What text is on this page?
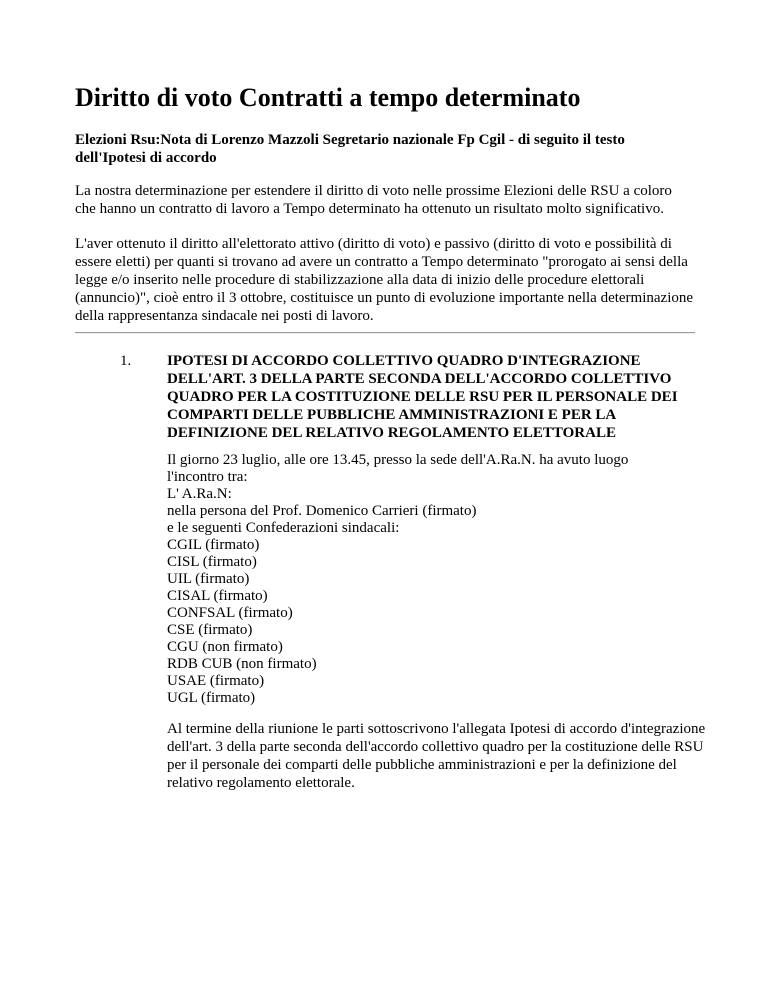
Diritto di voto Contratti a tempo determinato

Elezioni Rsu:Nota di Lorenzo Mazzoli Segretario nazionale Fp Cgil - di seguito il testo dell'Ipotesi di accordo

La nostra determinazione per estendere il diritto di voto nelle prossime Elezioni delle RSU a coloro che hanno un contratto di lavoro a Tempo determinato ha ottenuto un risultato molto significativo.

L'aver ottenuto il diritto all'elettorato attivo (diritto di voto) e passivo (diritto di voto e possibilità di essere eletti) per quanti si trovano ad avere un contratto a Tempo determinato "prorogato ai sensi della legge e/o inserito nelle procedure di stabilizzazione alla data di inizio delle procedure elettorali (annuncio)", cioè entro il 3 ottobre, costituisce un punto di evoluzione importante nella determinazione della rappresentanza sindacale nei posti di lavoro.

1. IPOTESI DI ACCORDO COLLETTIVO QUADRO D'INTEGRAZIONE DELL'ART. 3 DELLA PARTE SECONDA DELL'ACCORDO COLLETTIVO QUADRO PER LA COSTITUZIONE DELLE RSU PER IL PERSONALE DEI COMPARTI DELLE PUBBLICHE AMMINISTRAZIONI E PER LA DEFINIZIONE DEL RELATIVO REGOLAMENTO ELETTORALE

Il giorno 23 luglio, alle ore 13.45, presso la sede dell'A.Ra.N. ha avuto luogo
l'incontro tra:
L' A.Ra.N:
nella persona del Prof. Domenico Carrieri (firmato)
e le seguenti Confederazioni sindacali:
CGIL (firmato)
CISL (firmato)
UIL (firmato)
CISAL (firmato)
CONFSAL (firmato)
CSE (firmato)
CGU (non firmato)
RDB CUB (non firmato)
USAE (firmato)
UGL (firmato)

Al termine della riunione le parti sottoscrivono l'allegata Ipotesi di accordo d'integrazione dell'art. 3 della parte seconda dell'accordo collettivo quadro per la costituzione delle RSU per il personale dei comparti delle pubbliche amministrazioni e per la definizione del relativo regolamento elettorale.
